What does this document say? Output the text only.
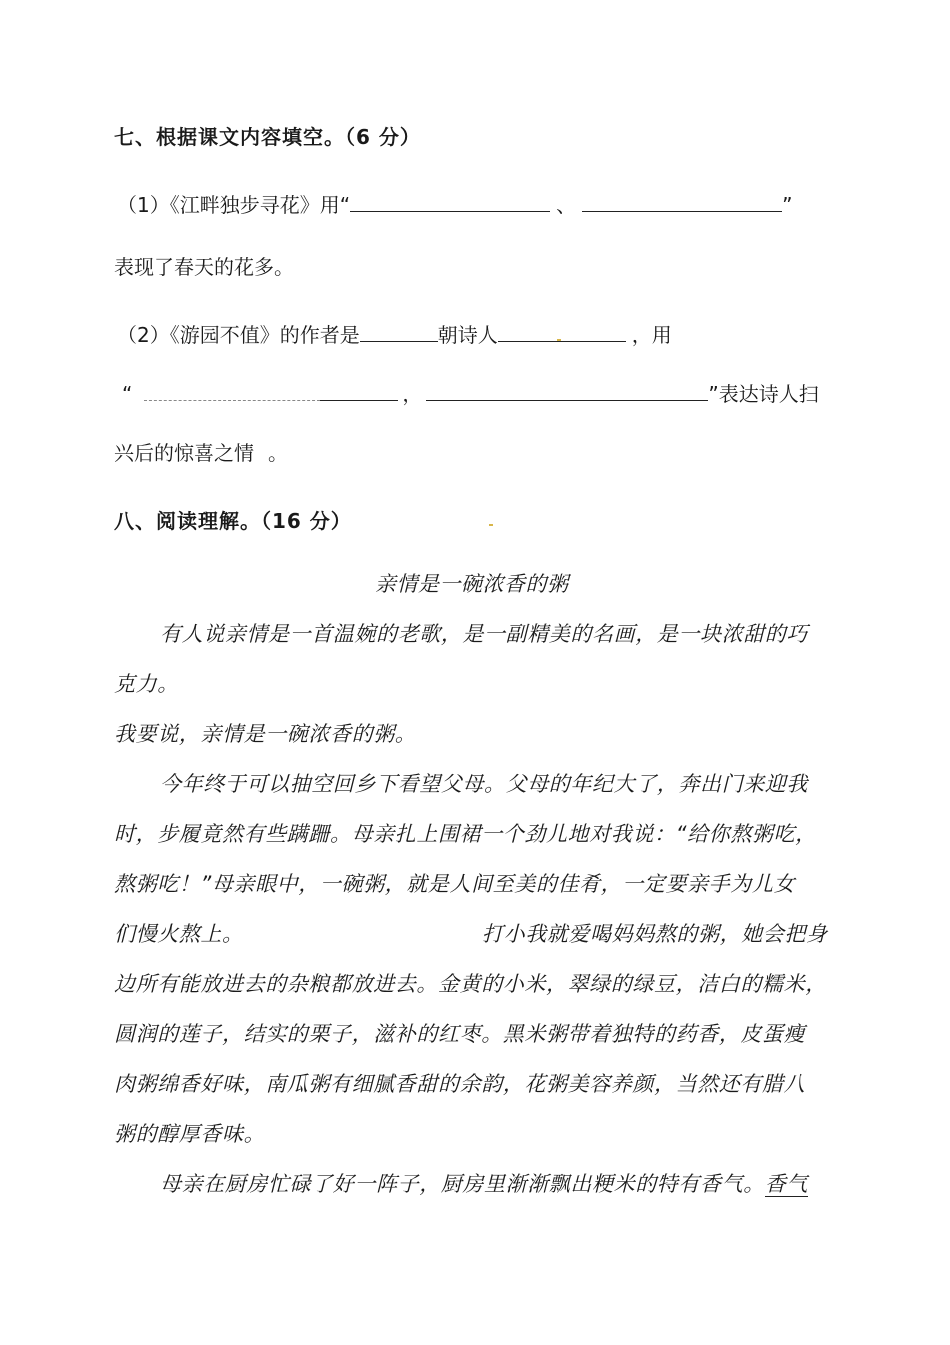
七、根据课文内容填空。（6 分）
（1）《江畔独步寻花》用“	、	”
表现了春天的花多。
（2）《游园不值》的作者是	朝诗人	，用
“	，	”表达诗人扫
兴后的惊喜之情 。
八、阅读理解。（16 分）
亲情是一碗浓香的粥
有人说亲情是一首温婉的老歌，是一副精美的名画，是一块浓甜的巧
克力。
我要说，亲情是一碗浓香的粥。
今年终于可以抽空回乡下看望父母。父母的年纪大了，奔出门来迎我
时，步履竟然有些蹒跚。母亲扎上围裙一个劲儿地对我说：“给你熬粥吃，
熬粥吃！”母亲眼中，一碗粥，就是人间至美的佳肴，一定要亲手为儿女
们慢火熬上。	打小我就爱喝妈妈熬的粥，她会把身
边所有能放进去的杂粮都放进去。金黄的小米，翠绿的绿豆，洁白的糯米，
圆润的莲子，结实的栗子，滋补的红枣。黑米粥带着独特的药香，皮蛋瘦
肉粥绵香好味，南瓜粥有细腻香甜的余韵，花粥美容养颜，当然还有腊八
粥的醇厚香味。
母亲在厨房忙碌了好一阵子，厨房里渐渐飘出粳米的特有香气。香气
